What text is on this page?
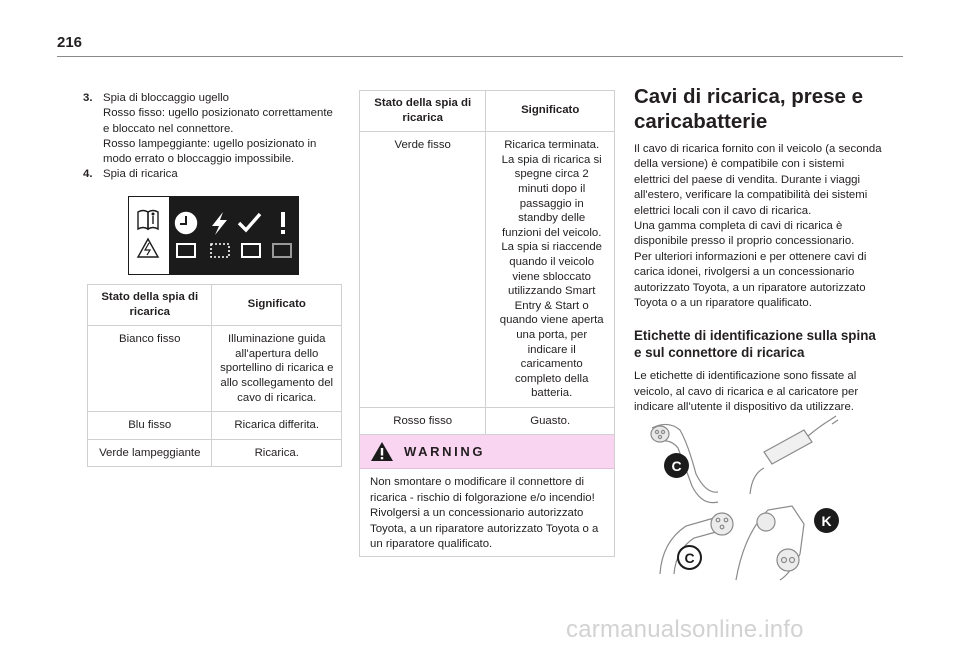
216
3. Spia di bloccaggio ugello
Rosso fisso: ugello posizionato correttamente
e bloccato nel connettore.
Rosso lampeggiante: ugello posizionato in
modo errato o bloccaggio impossibile.
4. Spia di ricarica
Stato della spia di ricarica	Significato
Bianco fisso	Illuminazione guida all'apertura dello sportellino di ricarica e allo scollegamento del cavo di ricarica.
Blu fisso	Ricarica differita.
Verde lampeggiante	Ricarica.
Stato della spia di ricarica	Significato
Verde fisso	Ricarica terminata. La spia di ricarica si spegne circa 2 minuti dopo il passaggio in standby delle funzioni del veicolo. La spia si riaccende quando il veicolo viene sbloccato utilizzando Smart Entry & Start o quando viene aperta una porta, per indicare il caricamento completo della batteria.
Rosso fisso	Guasto.
WARNING
Non smontare o modificare il connettore di
ricarica - rischio di folgorazione e/o incendio!
Rivolgersi a un concessionario autorizzato
Toyota, a un riparatore autorizzato Toyota o a
un riparatore qualificato.
Cavi di ricarica, prese e
caricabatterie
Il cavo di ricarica fornito con il veicolo (a seconda
della versione) è compatibile con i sistemi
elettrici del paese di vendita. Durante i viaggi
all'estero, verificare la compatibilità dei sistemi
elettrici locali con il cavo di ricarica.
Una gamma completa di cavi di ricarica è
disponibile presso il proprio concessionario.
Per ulteriori informazioni e per ottenere cavi di
carica idonei, rivolgersi a un concessionario
autorizzato Toyota, a un riparatore autorizzato
Toyota o a un riparatore qualificato.
Etichette di identificazione sulla spina
e sul connettore di ricarica
Le etichette di identificazione sono fissate al
veicolo, al cavo di ricarica e al caricatore per
indicare all'utente il dispositivo da utilizzare.
C
C
K
carmanualsonline.info
